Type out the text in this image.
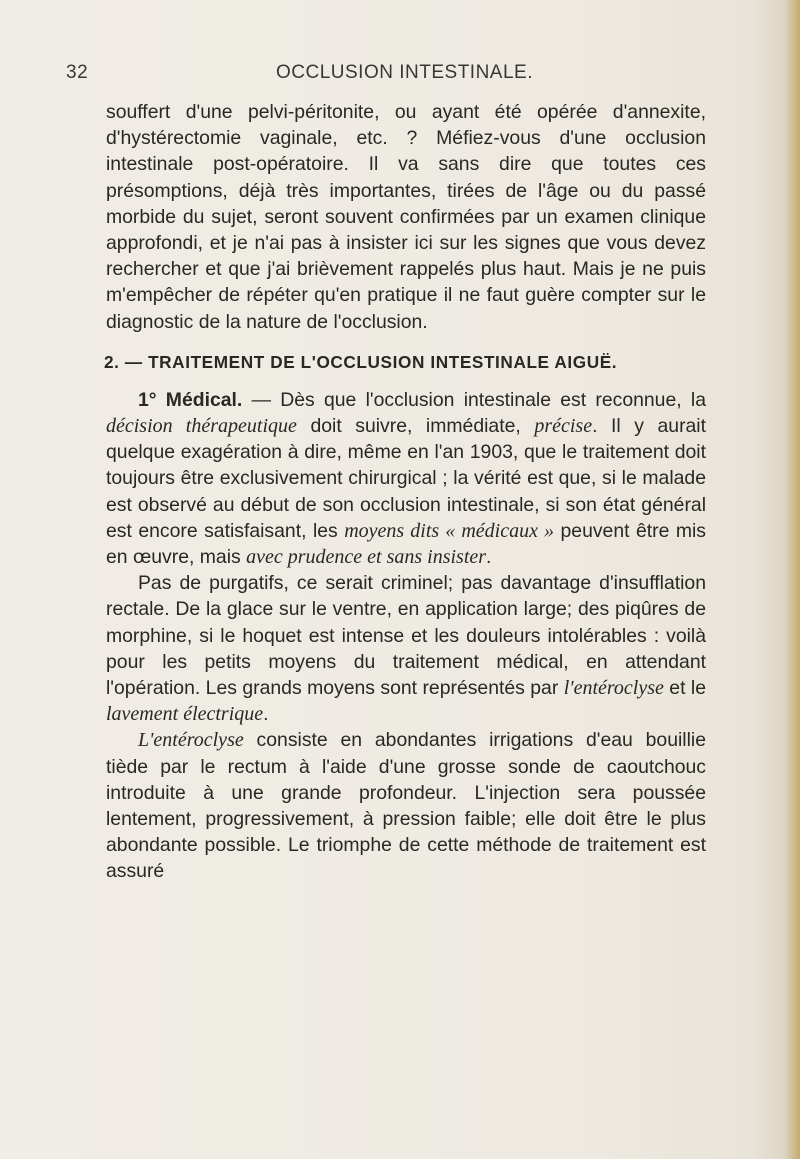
32	OCCLUSION INTESTINALE.

souffert d'une pelvi-péritonite, ou ayant été opérée d'annexite, d'hystérectomie vaginale, etc. ? Méfiez-vous d'une occlusion intestinale post-opératoire. Il va sans dire que toutes ces présomptions, déjà très importantes, tirées de l'âge ou du passé morbide du sujet, seront souvent confirmées par un examen clinique approfondi, et je n'ai pas à insister ici sur les signes que vous devez rechercher et que j'ai brièvement rappelés plus haut. Mais je ne puis m'empêcher de répéter qu'en pratique il ne faut guère compter sur le diagnostic de la nature de l'occlusion.

2. — TRAITEMENT DE L'OCCLUSION INTESTINALE AIGUË.

1° Médical. — Dès que l'occlusion intestinale est reconnue, la décision thérapeutique doit suivre, immédiate, précise. Il y aurait quelque exagération à dire, même en l'an 1903, que le traitement doit toujours être exclusivement chirurgical ; la vérité est que, si le malade est observé au début de son occlusion intestinale, si son état général est encore satisfaisant, les moyens dits « médicaux » peuvent être mis en œuvre, mais avec prudence et sans insister.

Pas de purgatifs, ce serait criminel; pas davantage d'insufflation rectale. De la glace sur le ventre, en application large; des piqûres de morphine, si le hoquet est intense et les douleurs intolérables : voilà pour les petits moyens du traitement médical, en attendant l'opération. Les grands moyens sont représentés par l'entéroclyse et le lavement électrique.

L'entéroclyse consiste en abondantes irrigations d'eau bouillie tiède par le rectum à l'aide d'une grosse sonde de caoutchouc introduite à une grande profondeur. L'injection sera poussée lentement, progressivement, à pression faible; elle doit être le plus abondante possible. Le triomphe de cette méthode de traitement est assuré
